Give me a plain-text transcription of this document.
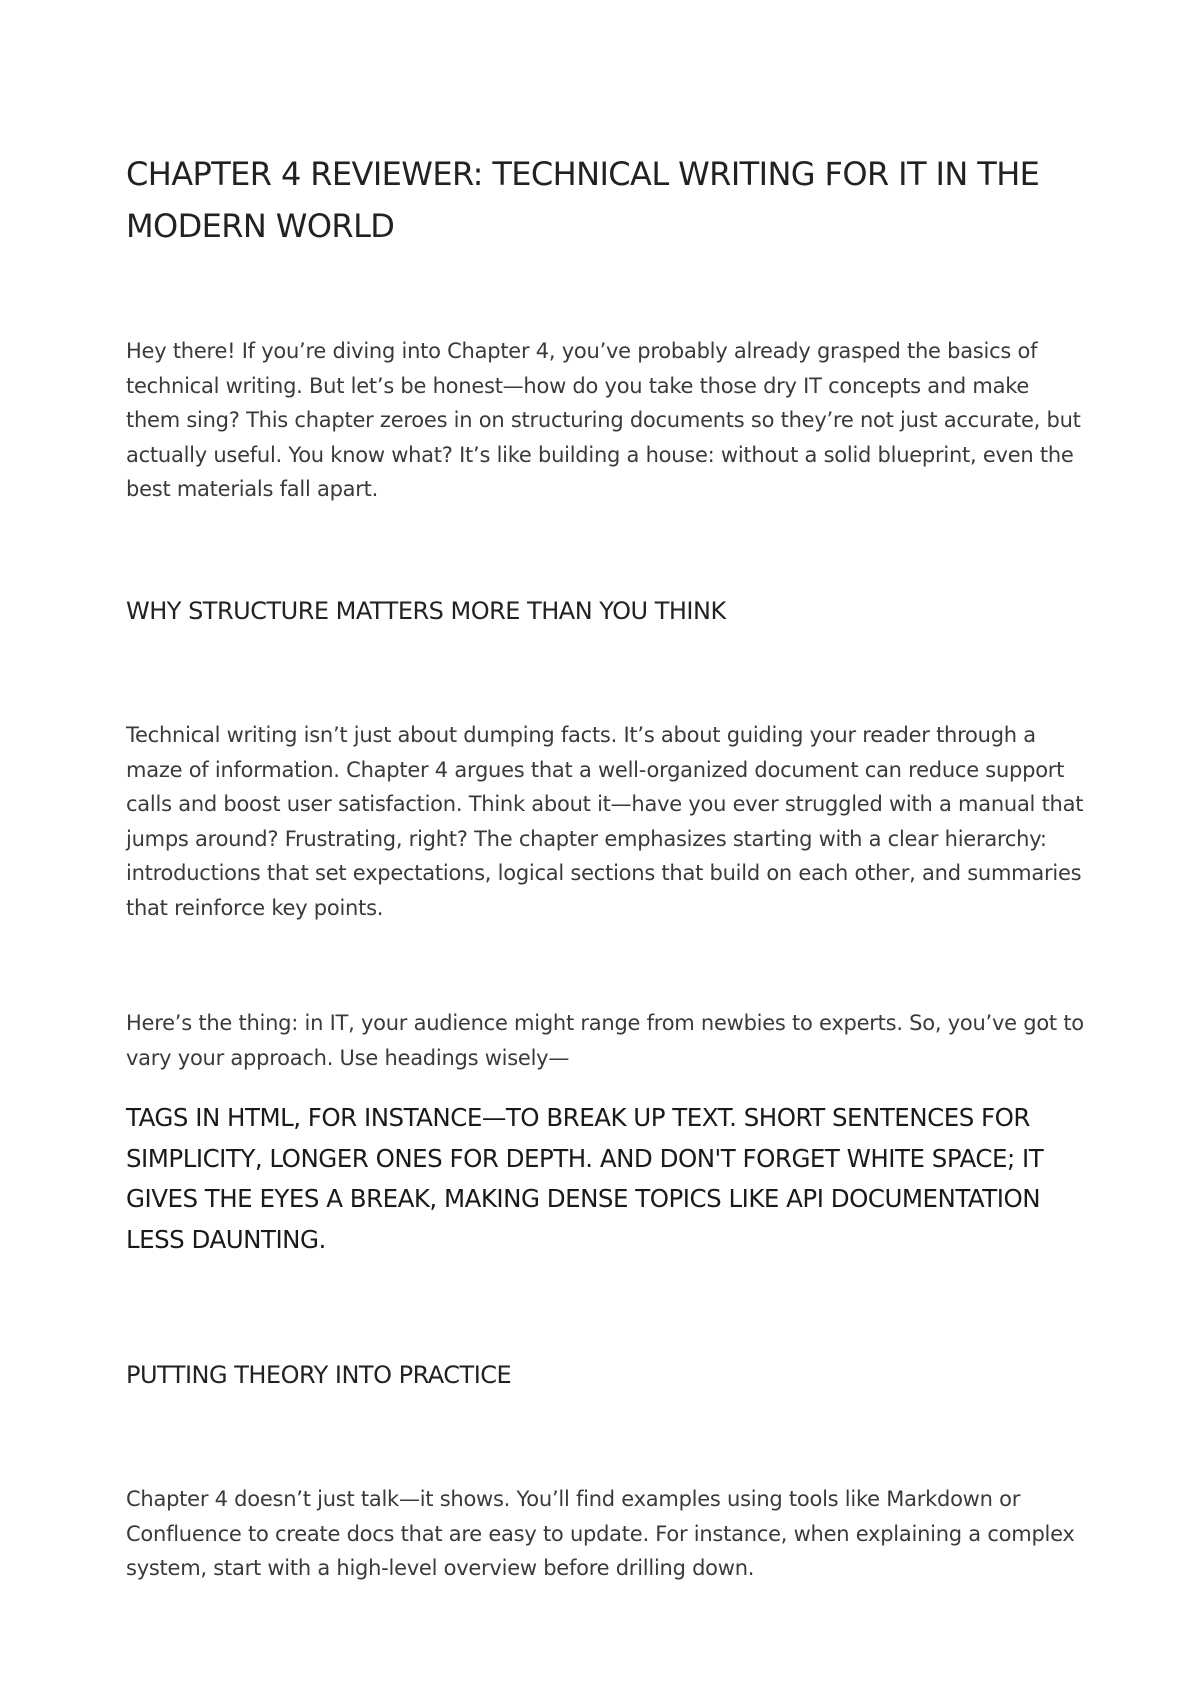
CHAPTER 4 REVIEWER: TECHNICAL WRITING FOR IT IN THE MODERN WORLD

Hey there! If you’re diving into Chapter 4, you’ve probably already grasped the basics of technical writing. But let’s be honest—how do you take those dry IT concepts and make them sing? This chapter zeroes in on structuring documents so they’re not just accurate, but actually useful. You know what? It’s like building a house: without a solid blueprint, even the best materials fall apart.

WHY STRUCTURE MATTERS MORE THAN YOU THINK

Technical writing isn’t just about dumping facts. It’s about guiding your reader through a maze of information. Chapter 4 argues that a well-organized document can reduce support calls and boost user satisfaction. Think about it—have you ever struggled with a manual that jumps around? Frustrating, right? The chapter emphasizes starting with a clear hierarchy: introductions that set expectations, logical sections that build on each other, and summaries that reinforce key points.

Here’s the thing: in IT, your audience might range from newbies to experts. So, you’ve got to vary your approach. Use headings wisely—

TAGS IN HTML, FOR INSTANCE—TO BREAK UP TEXT. SHORT SENTENCES FOR SIMPLICITY, LONGER ONES FOR DEPTH. AND DON'T FORGET WHITE SPACE; IT GIVES THE EYES A BREAK, MAKING DENSE TOPICS LIKE API DOCUMENTATION LESS DAUNTING.

PUTTING THEORY INTO PRACTICE

Chapter 4 doesn’t just talk—it shows. You’ll find examples using tools like Markdown or Confluence to create docs that are easy to update. For instance, when explaining a complex system, start with a high-level overview before drilling down.
